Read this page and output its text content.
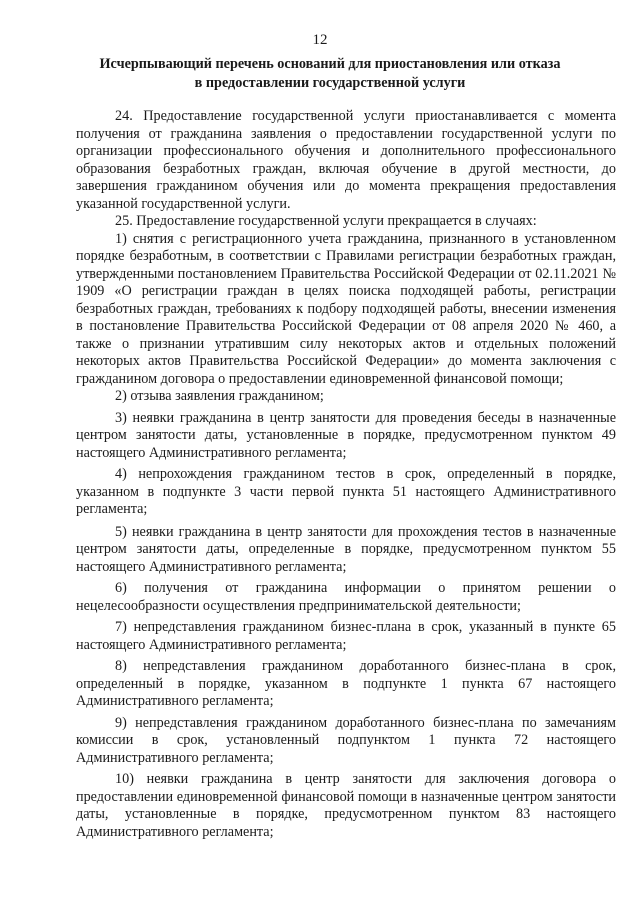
12
Исчерпывающий перечень оснований для приостановления или отказа
в предоставлении государственной услуги

24. Предоставление государственной услуги приостанавливается с момента получения от гражданина заявления о предоставлении государственной услуги по организации профессионального обучения и дополнительного профессионального образования безработных граждан, включая обучение в другой местности, до завершения гражданином обучения или до момента прекращения предоставления указанной государственной услуги.

25. Предоставление государственной услуги прекращается в случаях:

1) снятия с регистрационного учета гражданина, признанного в установленном порядке безработным, в соответствии с Правилами регистрации безработных граждан, утвержденными постановлением Правительства Российской Федерации от 02.11.2021 № 1909 «О регистрации граждан в целях поиска подходящей работы, регистрации безработных граждан, требованиях к подбору подходящей работы, внесении изменения в постановление Правительства Российской Федерации от 08 апреля 2020 № 460, а также о признании утратившим силу некоторых актов и отдельных положений некоторых актов Правительства Российской Федерации» до момента заключения с гражданином договора о предоставлении единовременной финансовой помощи;

2) отзыва заявления гражданином;

3) неявки гражданина в центр занятости для проведения беседы в назначенные центром занятости даты, установленные в порядке, предусмотренном пунктом 49 настоящего Административного регламента;

4) непрохождения гражданином тестов в срок, определенный в порядке, указанном в подпункте 3 части первой пункта 51 настоящего Административного регламента;

5) неявки гражданина в центр занятости для прохождения тестов в назначенные центром занятости даты, определенные в порядке, предусмотренном пунктом 55 настоящего Административного регламента;

6) получения от гражданина информации о принятом решении о нецелесообразности осуществления предпринимательской деятельности;

7) непредставления гражданином бизнес-плана в срок, указанный в пункте 65 настоящего Административного регламента;

8) непредставления гражданином доработанного бизнес-плана в срок, определенный в порядке, указанном в подпункте 1 пункта 67 настоящего Административного регламента;

9) непредставления гражданином доработанного бизнес-плана по замечаниям комиссии в срок, установленный подпунктом 1 пункта 72 настоящего Административного регламента;

10) неявки гражданина в центр занятости для заключения договора о предоставлении единовременной финансовой помощи в назначенные центром занятости даты, установленные в порядке, предусмотренном пунктом 83 настоящего Административного регламента;
